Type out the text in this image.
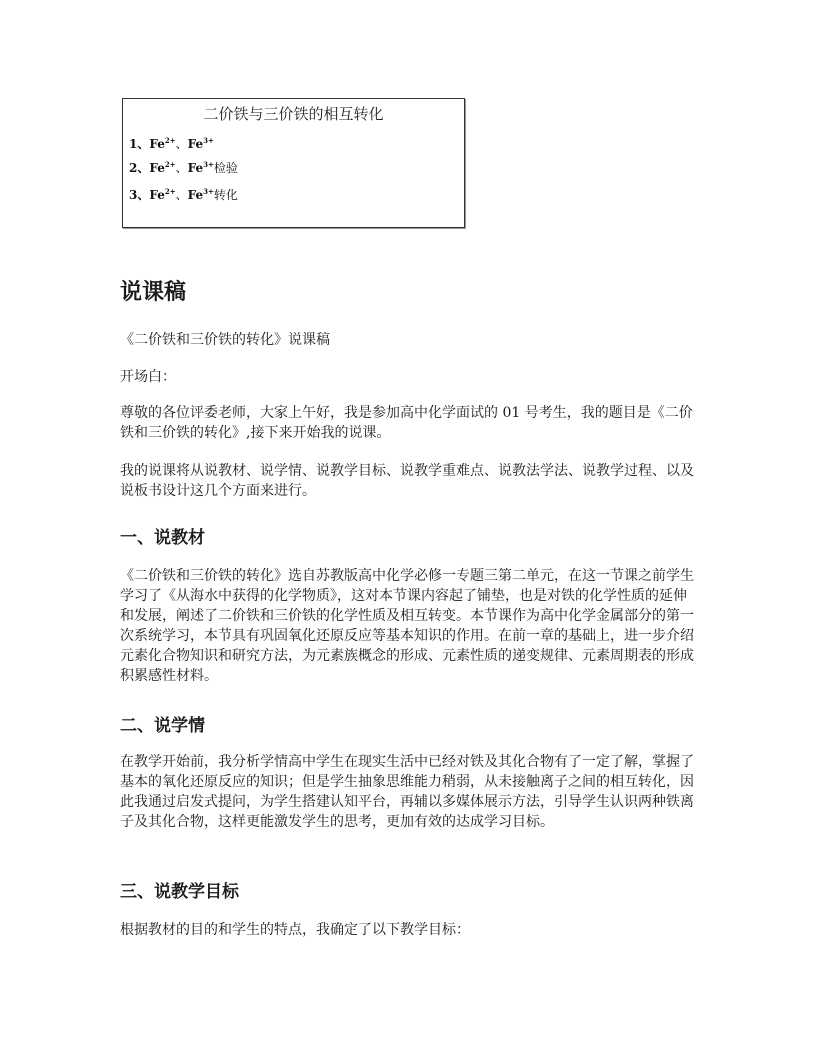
二价铁与三价铁的相互转化
1、$Fe^{2+}$、$Fe^{3+}$
2、$Fe^{2+}$、$Fe^{3+}$检验
3、$Fe^{2+}$、$Fe^{3+}$转化
说课稿

《二价铁和三价铁的转化》说课稿

开场白：

尊敬的各位评委老师，大家上午好，我是参加高中化学面试的 01 号考生，我的题目是《二价铁和三价铁的转化》,接下来开始我的说课。

我的说课将从说教材、说学情、说教学目标、说教学重难点、说教法学法、说教学过程、以及说板书设计这几个方面来进行。

一、说教材

《二价铁和三价铁的转化》选自苏教版高中化学必修一专题三第二单元，在这一节课之前学生学习了《从海水中获得的化学物质》，这对本节课内容起了铺垫，也是对铁的化学性质的延伸和发展，阐述了二价铁和三价铁的化学性质及相互转变。本节课作为高中化学金属部分的第一次系统学习，本节具有巩固氧化还原反应等基本知识的作用。在前一章的基础上，进一步介绍元素化合物知识和研究方法，为元素族概念的形成、元素性质的递变规律、元素周期表的形成积累感性材料。

二、说学情

在教学开始前，我分析学情高中学生在现实生活中已经对铁及其化合物有了一定了解，掌握了基本的氧化还原反应的知识；但是学生抽象思维能力稍弱，从未接触离子之间的相互转化，因此我通过启发式提问，为学生搭建认知平台，再辅以多媒体展示方法，引导学生认识两种铁离子及其化合物，这样更能激发学生的思考，更加有效的达成学习目标。

三、说教学目标

根据教材的目的和学生的特点，我确定了以下教学目标：
